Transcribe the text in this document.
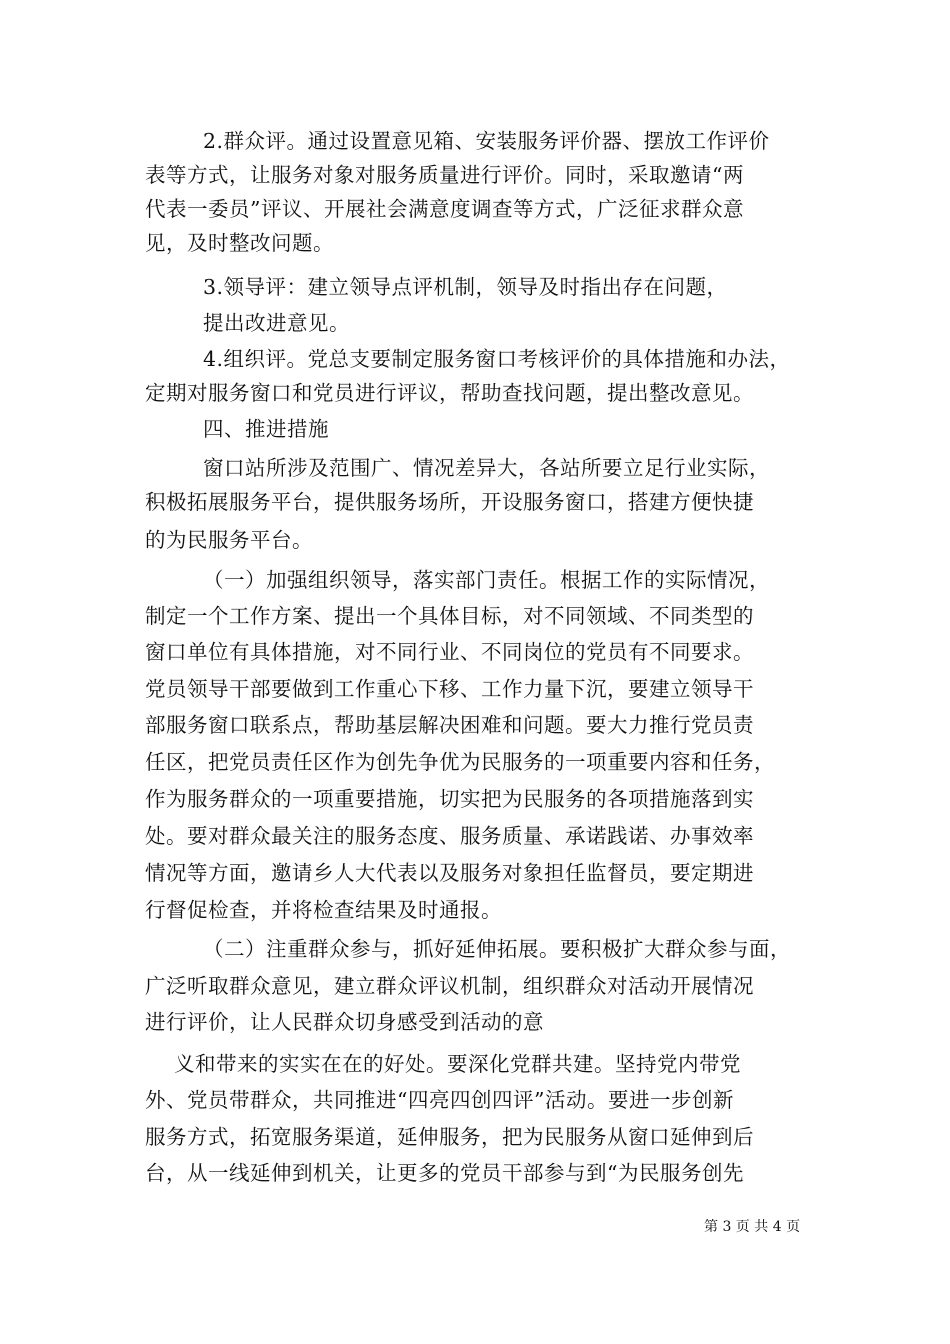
2.群众评。通过设置意见箱、安装服务评价器、摆放工作评价
表等方式，让服务对象对服务质量进行评价。同时，采取邀请“两
代表一委员”评议、开展社会满意度调查等方式，广泛征求群众意
见，及时整改问题。
3.领导评：建立领导点评机制，领导及时指出存在问题，
提出改进意见。
4.组织评。党总支要制定服务窗口考核评价的具体措施和办法，
定期对服务窗口和党员进行评议，帮助查找问题，提出整改意见。
四、推进措施
窗口站所涉及范围广、情况差异大，各站所要立足行业实际，
积极拓展服务平台，提供服务场所，开设服务窗口，搭建方便快捷
的为民服务平台。
（一）加强组织领导，落实部门责任。根据工作的实际情况，
制定一个工作方案、提出一个具体目标，对不同领域、不同类型的
窗口单位有具体措施，对不同行业、不同岗位的党员有不同要求。
党员领导干部要做到工作重心下移、工作力量下沉，要建立领导干
部服务窗口联系点，帮助基层解决困难和问题。要大力推行党员责
任区，把党员责任区作为创先争优为民服务的一项重要内容和任务，
作为服务群众的一项重要措施，切实把为民服务的各项措施落到实
处。要对群众最关注的服务态度、服务质量、承诺践诺、办事效率
情况等方面，邀请乡人大代表以及服务对象担任监督员，要定期进
行督促检查，并将检查结果及时通报。
（二）注重群众参与，抓好延伸拓展。要积极扩大群众参与面，
广泛听取群众意见，建立群众评议机制，组织群众对活动开展情况
进行评价，让人民群众切身感受到活动的意
义和带来的实实在在的好处。要深化党群共建。坚持党内带党
外、党员带群众，共同推进“四亮四创四评”活动。要进一步创新
服务方式，拓宽服务渠道，延伸服务，把为民服务从窗口延伸到后
台，从一线延伸到机关，让更多的党员干部参与到“为民服务创先
第 3 页 共 4 页
